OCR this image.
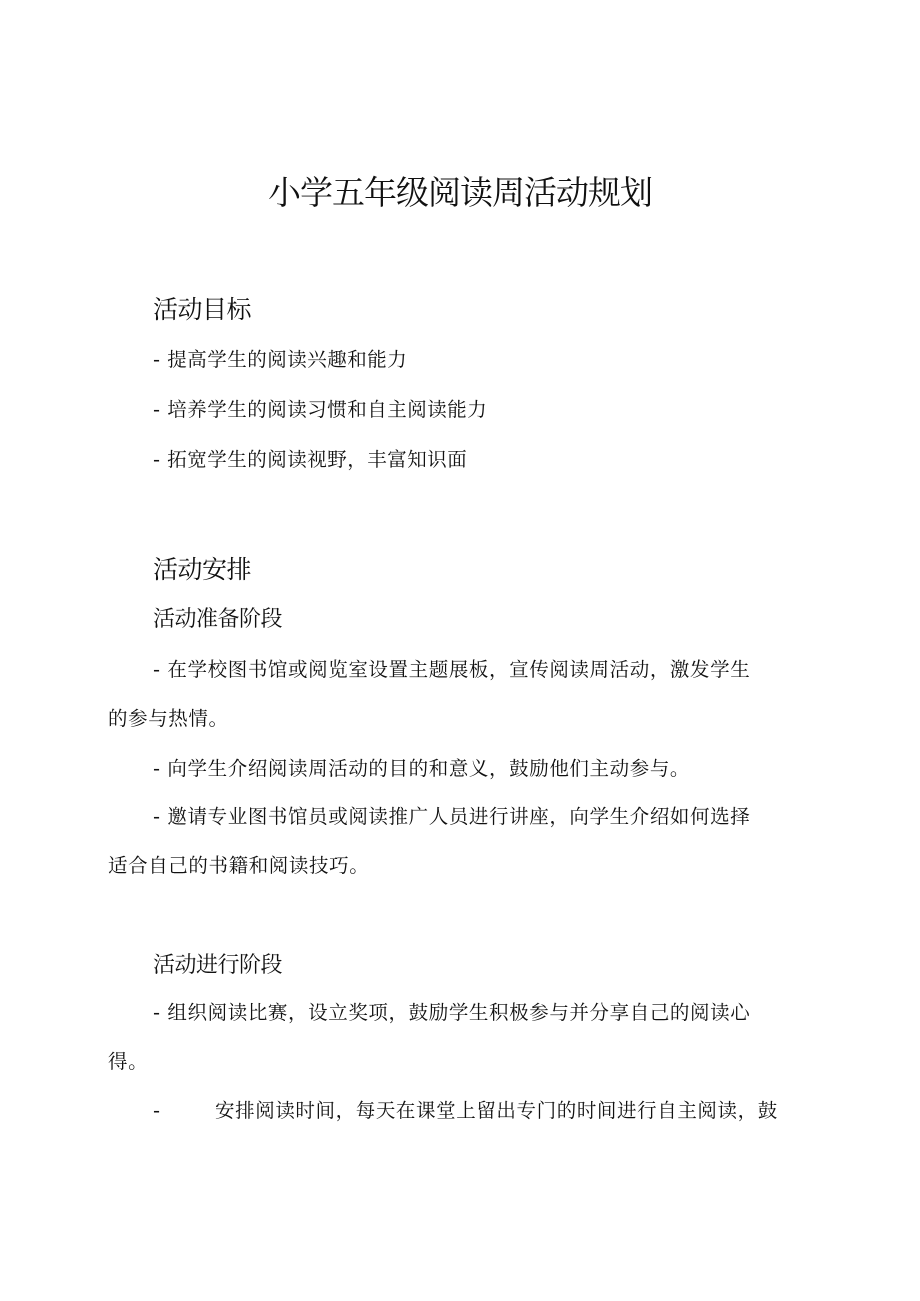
小学五年级阅读周活动规划
活动目标

- 提高学生的阅读兴趣和能力

- 培养学生的阅读习惯和自主阅读能力

- 拓宽学生的阅读视野，丰富知识面

活动安排
活动准备阶段

- 在学校图书馆或阅览室设置主题展板，宣传阅读周活动，激发学生

的参与热情。

- 向学生介绍阅读周活动的目的和意义，鼓励他们主动参与。

- 邀请专业图书馆员或阅读推广人员进行讲座，向学生介绍如何选择

适合自己的书籍和阅读技巧。

活动进行阶段

- 组织阅读比赛，设立奖项，鼓励学生积极参与并分享自己的阅读心

得。

-        安排阅读时间，每天在课堂上留出专门的时间进行自主阅读，鼓
